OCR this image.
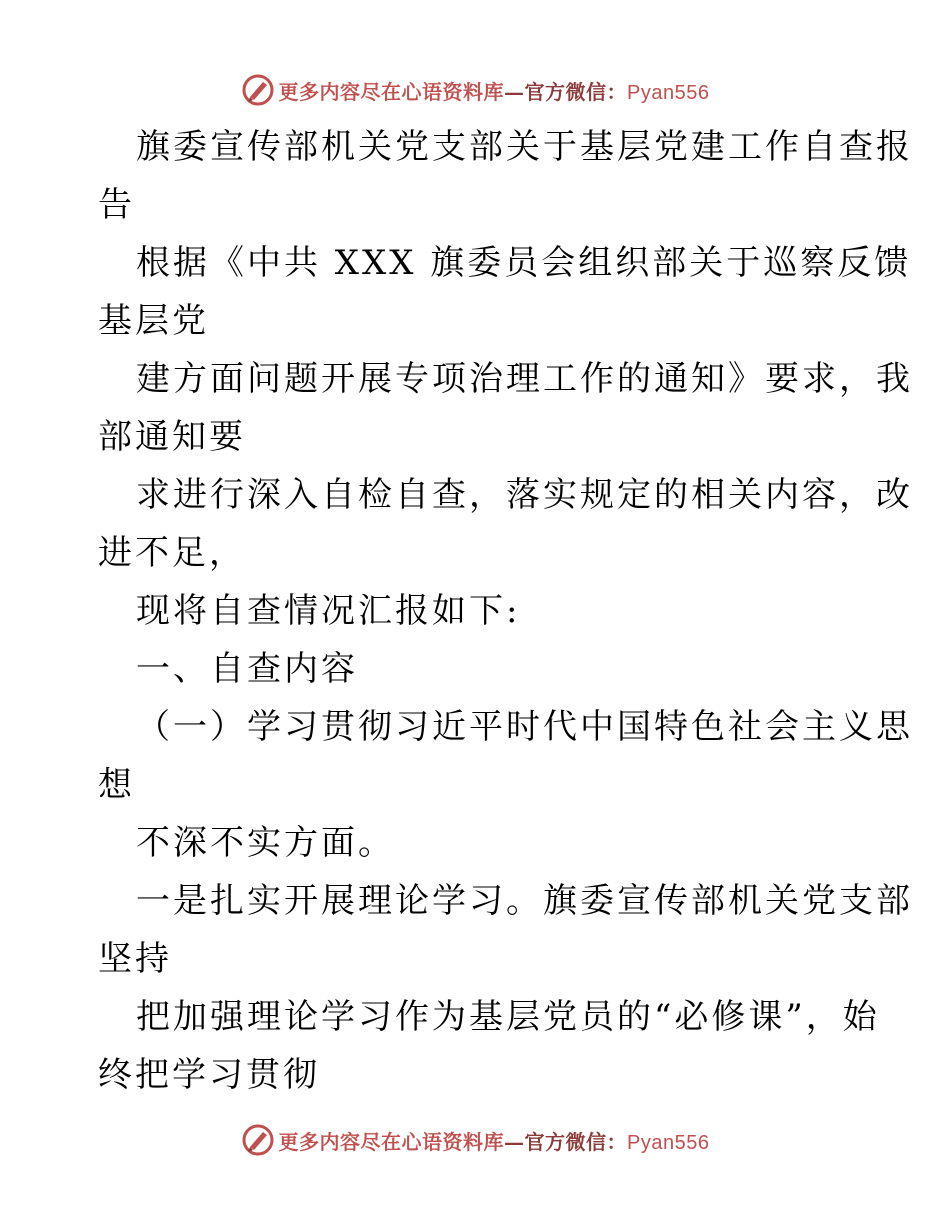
更多内容尽在心语资料库—官方微信：Pyan556

旗委宣传部机关党支部关于基层党建工作自查报

告

根据《中共 XXX 旗委员会组织部关于巡察反馈

基层党

建方面问题开展专项治理工作的通知》要求，我

部通知要

求进行深入自检自查，落实规定的相关内容，改

进不足，

现将自查情况汇报如下:

一、自查内容

（一）学习贯彻习近平时代中国特色社会主义思

想

不深不实方面。

一是扎实开展理论学习。旗委宣传部机关党支部

坚持

把加强理论学习作为基层党员的“必修课”，始

终把学习贯彻

更多内容尽在心语资料库—官方微信：Pyan556
